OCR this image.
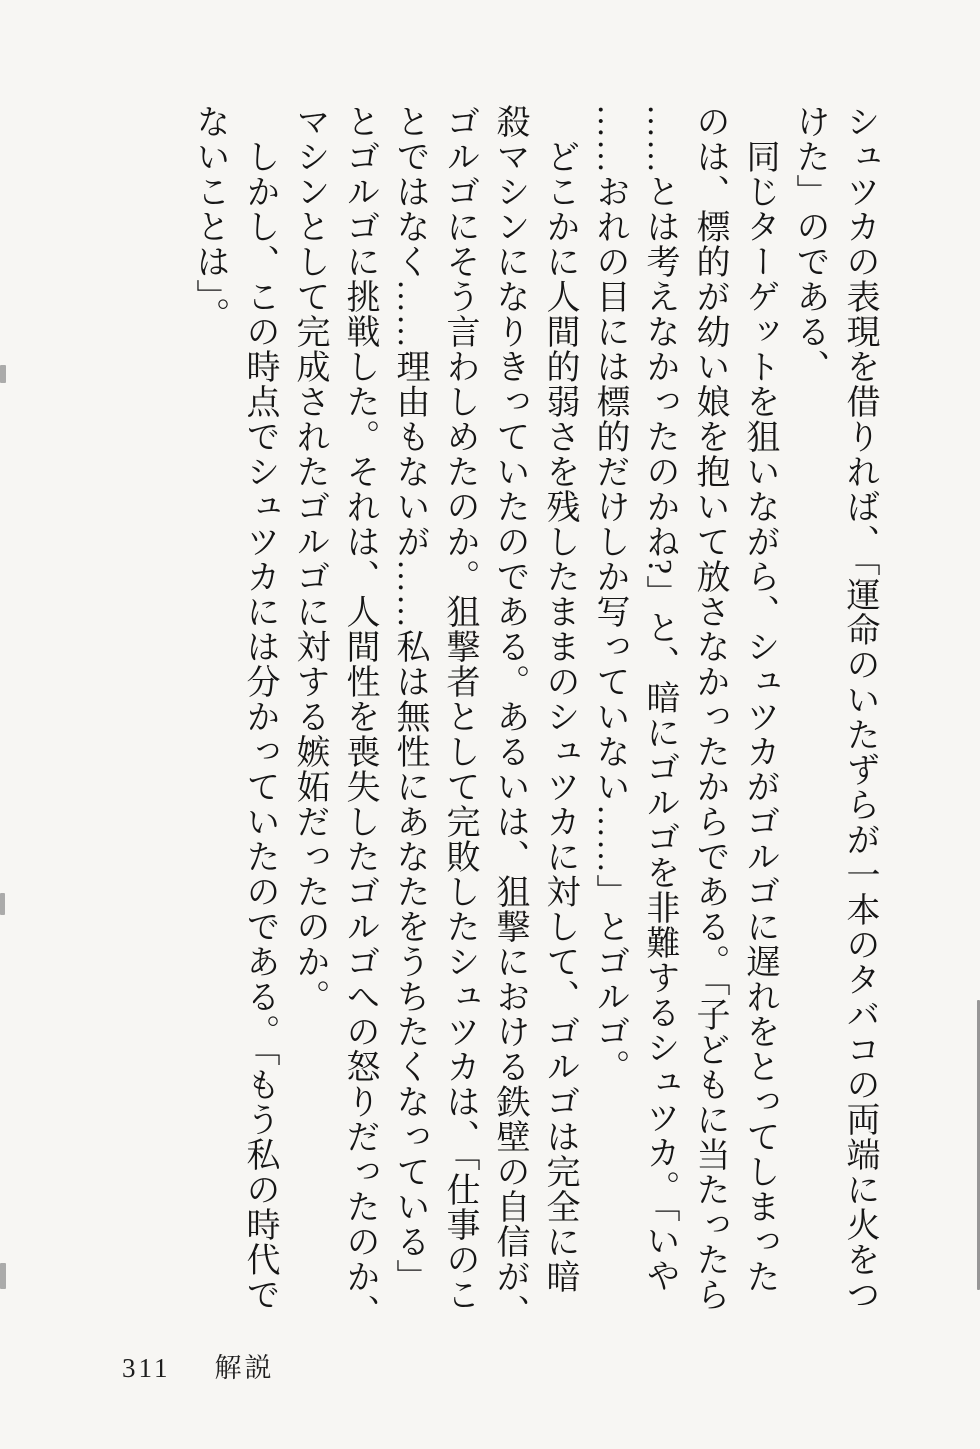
シュツカの表現を借りれば、「運命のいたずらが一本のタバコの両端に火をつ
けた」のである、
同じターゲットを狙いながら、シュツカがゴルゴに遅れをとってしまった
のは、標的が幼い娘を抱いて放さなかったからである。「子どもに当たったら
……とは考えなかったのかね?」と、暗にゴルゴを非難するシュツカ。「いや
……おれの目には標的だけしか写っていない……」とゴルゴ。
どこかに人間的弱さを残したままのシュツカに対して、ゴルゴは完全に暗
殺マシンになりきっていたのである。あるいは、狙撃における鉄壁の自信が、
ゴルゴにそう言わしめたのか。狙撃者として完敗したシュツカは、「仕事のこ
とではなく……理由もないが……私は無性にあなたをうちたくなっている」
とゴルゴに挑戦した。それは、人間性を喪失したゴルゴへの怒りだったのか、
マシンとして完成されたゴルゴに対する嫉妬だったのか。
しかし、この時点でシュツカには分かっていたのである。「もう私の時代で
ないことは」。
311 解説
